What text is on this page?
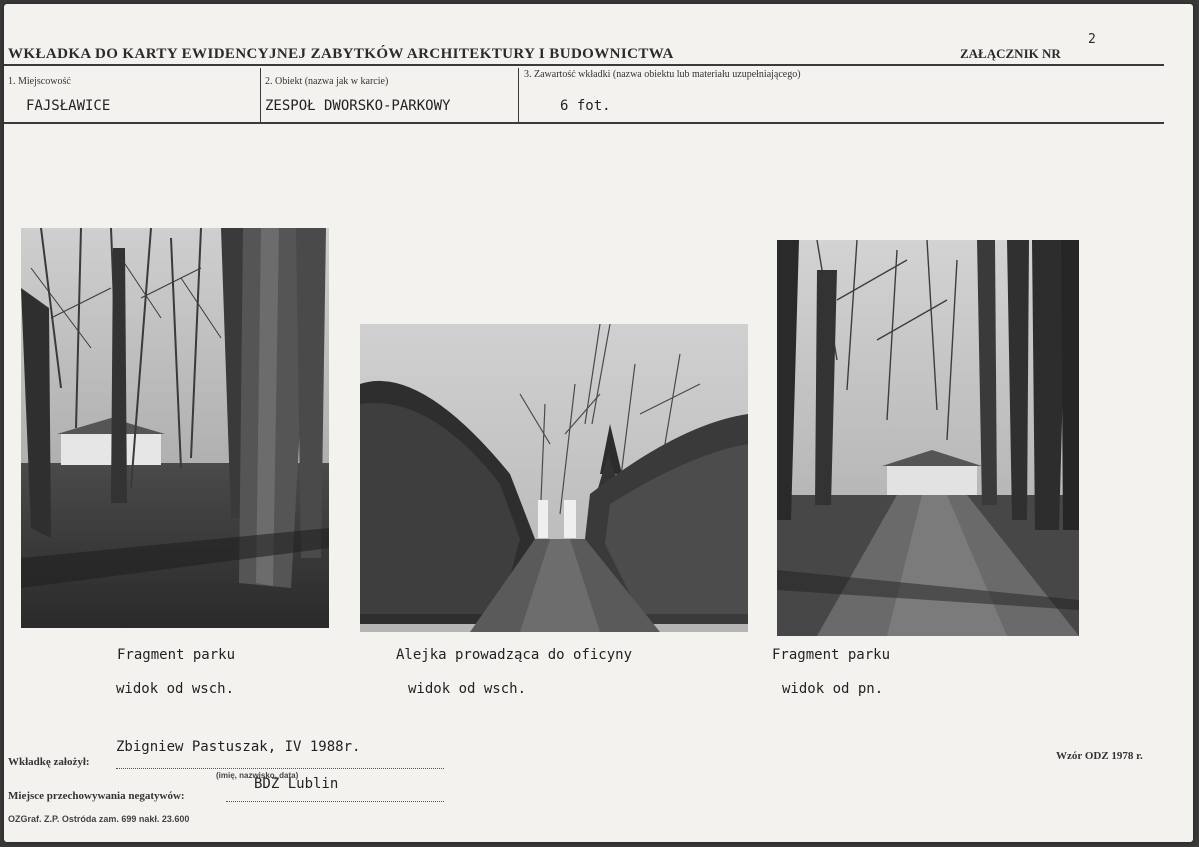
WKŁADKA DO KARTY EWIDENCYJNEJ ZABYTKÓW ARCHITEKTURY I BUDOWNICTWA	ZAŁĄCZNIK NR
2
1. Miejscowość
FAJSŁAWICE
2. Obiekt (nazwa jak w karcie)
ZESPOŁ DWORSKO-PARKOWY
3. Zawartość wkładki (nazwa obiektu lub materiału uzupełniającego)
6 fot.
Fragment parku
widok od wsch.
Alejka prowadząca do oficyny
widok od wsch.
Fragment parku
widok od pn.
Zbigniew Pastuszak, IV 1988r.
Wkładkę założył:
(imię, nazwisko, data)
BDZ Lublin
Miejsce przechowywania negatywów:
Wzór ODZ 1978 r.
OZGraf. Z.P. Ostróda zam. 699 nakł. 23.600
